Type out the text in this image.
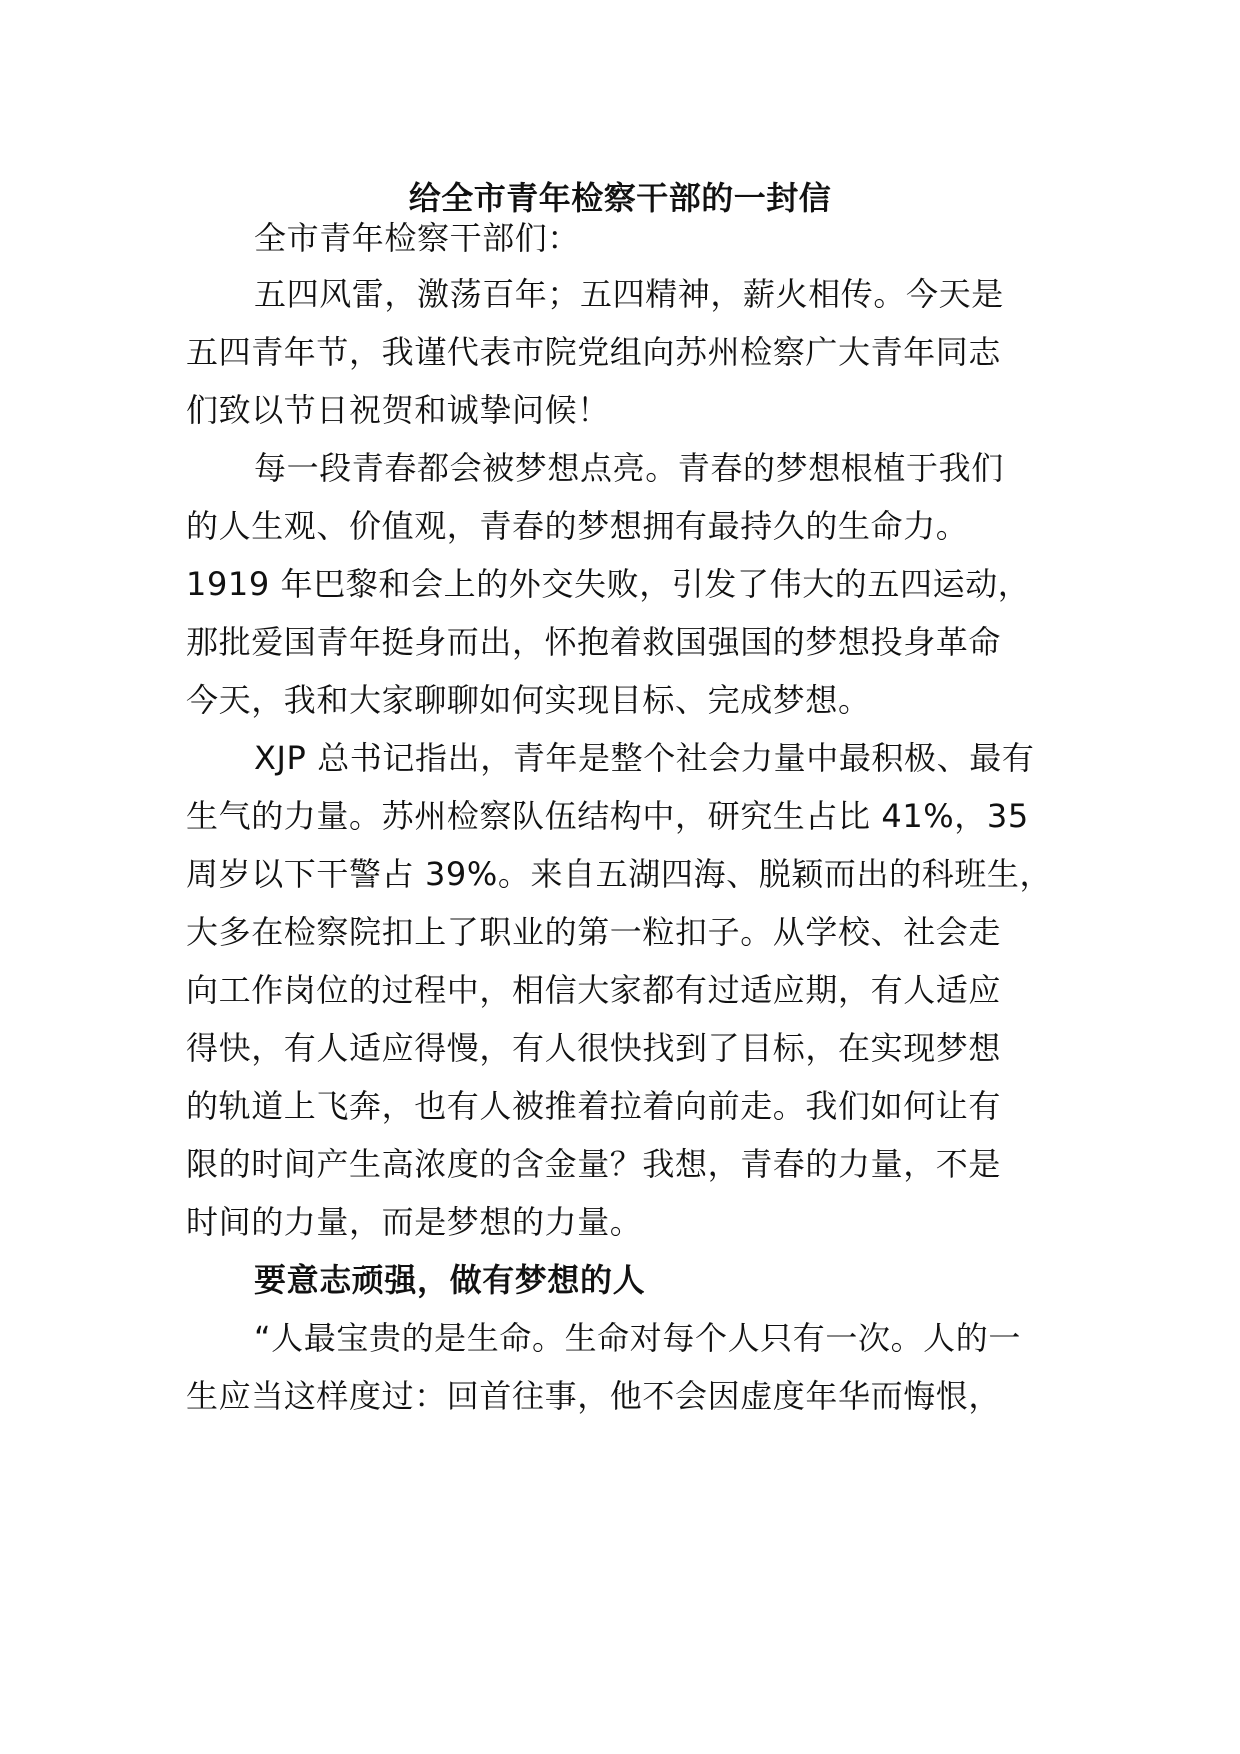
给全市青年检察干部的一封信
全市青年检察干部们：
五四风雷，激荡百年；五四精神，薪火相传。今天是
五四青年节，我谨代表市院党组向苏州检察广大青年同志
们致以节日祝贺和诚挚问候！
每一段青春都会被梦想点亮。青春的梦想根植于我们
的人生观、价值观，青春的梦想拥有最持久的生命力。
1919 年巴黎和会上的外交失败，引发了伟大的五四运动，
那批爱国青年挺身而出，怀抱着救国强国的梦想投身革命
今天，我和大家聊聊如何实现目标、完成梦想。
XJP 总书记指出，青年是整个社会力量中最积极、最有
生气的力量。苏州检察队伍结构中，研究生占比 41%，35
周岁以下干警占 39%。来自五湖四海、脱颖而出的科班生，
大多在检察院扣上了职业的第一粒扣子。从学校、社会走
向工作岗位的过程中，相信大家都有过适应期，有人适应
得快，有人适应得慢，有人很快找到了目标，在实现梦想
的轨道上飞奔，也有人被推着拉着向前走。我们如何让有
限的时间产生高浓度的含金量？我想，青春的力量，不是
时间的力量，而是梦想的力量。
要意志顽强，做有梦想的人
“人最宝贵的是生命。生命对每个人只有一次。人的一
生应当这样度过：回首往事，他不会因虚度年华而悔恨，
